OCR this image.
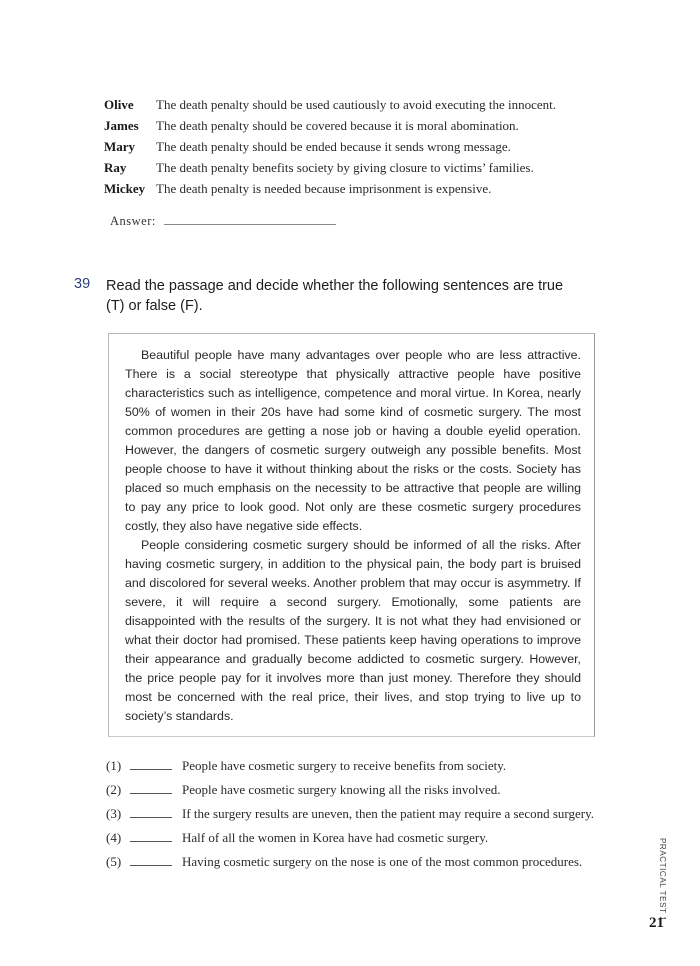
Olive	The death penalty should be used cautiously to avoid executing the innocent.
James	The death penalty should be covered because it is moral abomination.
Mary	The death penalty should be ended because it sends wrong message.
Ray	The death penalty benefits society by giving closure to victims’ families.
Mickey The death penalty is needed because imprisonment is expensive.
Answer:
39	Read the passage and decide whether the following sentences are true (T) or false (F).

Beautiful people have many advantages over people who are less attractive. There is a social stereotype that physically attractive people have positive characteristics such as intelligence, competence and moral virtue. In Korea, nearly 50% of women in their 20s have had some kind of cosmetic surgery. The most common procedures are getting a nose job or having a double eyelid operation. However, the dangers of cosmetic surgery outweigh any possible benefits. Most people choose to have it without thinking about the risks or the costs. Society has placed so much emphasis on the necessity to be attractive that people are willing to pay any price to look good. Not only are these cosmetic surgery procedures costly, they also have negative side effects.

People considering cosmetic surgery should be informed of all the risks. After having cosmetic surgery, in addition to the physical pain, the body part is bruised and discolored for several weeks. Another problem that may occur is asymmetry. If severe, it will require a second surgery. Emotionally, some patients are disappointed with the results of the surgery. It is not what they had envisioned or what their doctor had promised. These patients keep having operations to improve their appearance and gradually become addicted to cosmetic surgery. However, the price people pay for it involves more than just money. Therefore they should most be concerned with the real price, their lives, and stop trying to live up to society’s standards.

(1)	People have cosmetic surgery to receive benefits from society.
(2)	People have cosmetic surgery knowing all the risks involved.
(3)	If the surgery results are uneven, then the patient may require a second surgery.
(4)	Half of all the women in Korea have had cosmetic surgery.
(5)	Having cosmetic surgery on the nose is one of the most common procedures.	PRACTICAL TEST 1
21
